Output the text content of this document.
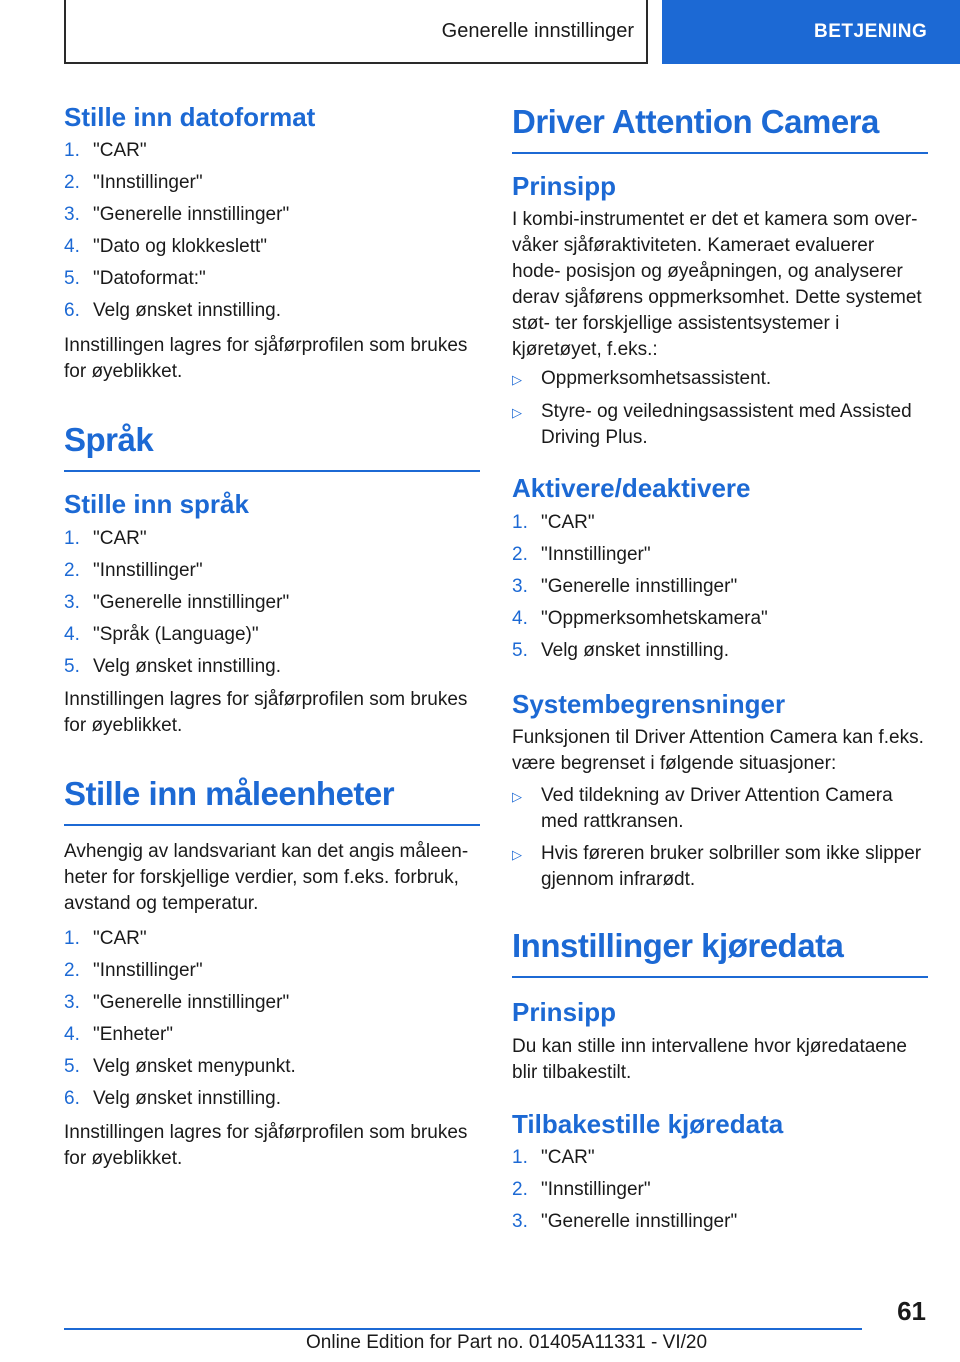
Generelle innstillinger	BETJENING
Stille inn datoformat
1. "CAR"
2. "Innstillinger"
3. "Generelle innstillinger"
4. "Dato og klokkeslett"
5. "Datoformat:"
6. Velg ønsket innstilling.

Innstillingen lagres for sjåførprofilen som brukes for øyeblikket.

Språk
Stille inn språk
1. "CAR"
2. "Innstillinger"
3. "Generelle innstillinger"
4. "Språk (Language)"
5. Velg ønsket innstilling.

Innstillingen lagres for sjåførprofilen som brukes for øyeblikket.

Stille inn måleenheter

Avhengig av landsvariant kan det angis måleen‐ heter for forskjellige verdier, som f.eks. forbruk, avstand og temperatur.

1. "CAR"
2. "Innstillinger"
3. "Generelle innstillinger"
4. "Enheter"
5. Velg ønsket menypunkt.
6. Velg ønsket innstilling.

Innstillingen lagres for sjåførprofilen som brukes for øyeblikket.

Driver Attention Camera
Prinsipp

I kombi-instrumentet er det et kamera som over‐ våker sjåføraktiviteten. Kameraet evaluerer hode‐ posisjon og øyeåpningen, og analyserer derav sjåførens oppmerksomhet. Dette systemet støt‐ ter forskjellige assistentsystemer i kjøretøyet, f.eks.:

▷	Oppmerksomhetsassistent.
▷	Styre- og veiledningsassistent med Assisted Driving Plus.
Aktivere/deaktivere
1. "CAR"
2. "Innstillinger"
3. "Generelle innstillinger"
4. "Oppmerksomhetskamera"
5. Velg ønsket innstilling.
Systembegrensninger

Funksjonen til Driver Attention Camera kan f.eks. være begrenset i følgende situasjoner:

▷	Ved tildekning av Driver Attention Camera med rattkransen.
▷	Hvis føreren bruker solbriller som ikke slipper gjennom infrarødt.
Innstillinger kjøredata
Prinsipp

Du kan stille inn intervallene hvor kjøredataene blir tilbakestilt.

Tilbakestille kjøredata
1. "CAR"
2. "Innstillinger"
3. "Generelle innstillinger"
61
Online Edition for Part no. 01405A11331 - VI/20
